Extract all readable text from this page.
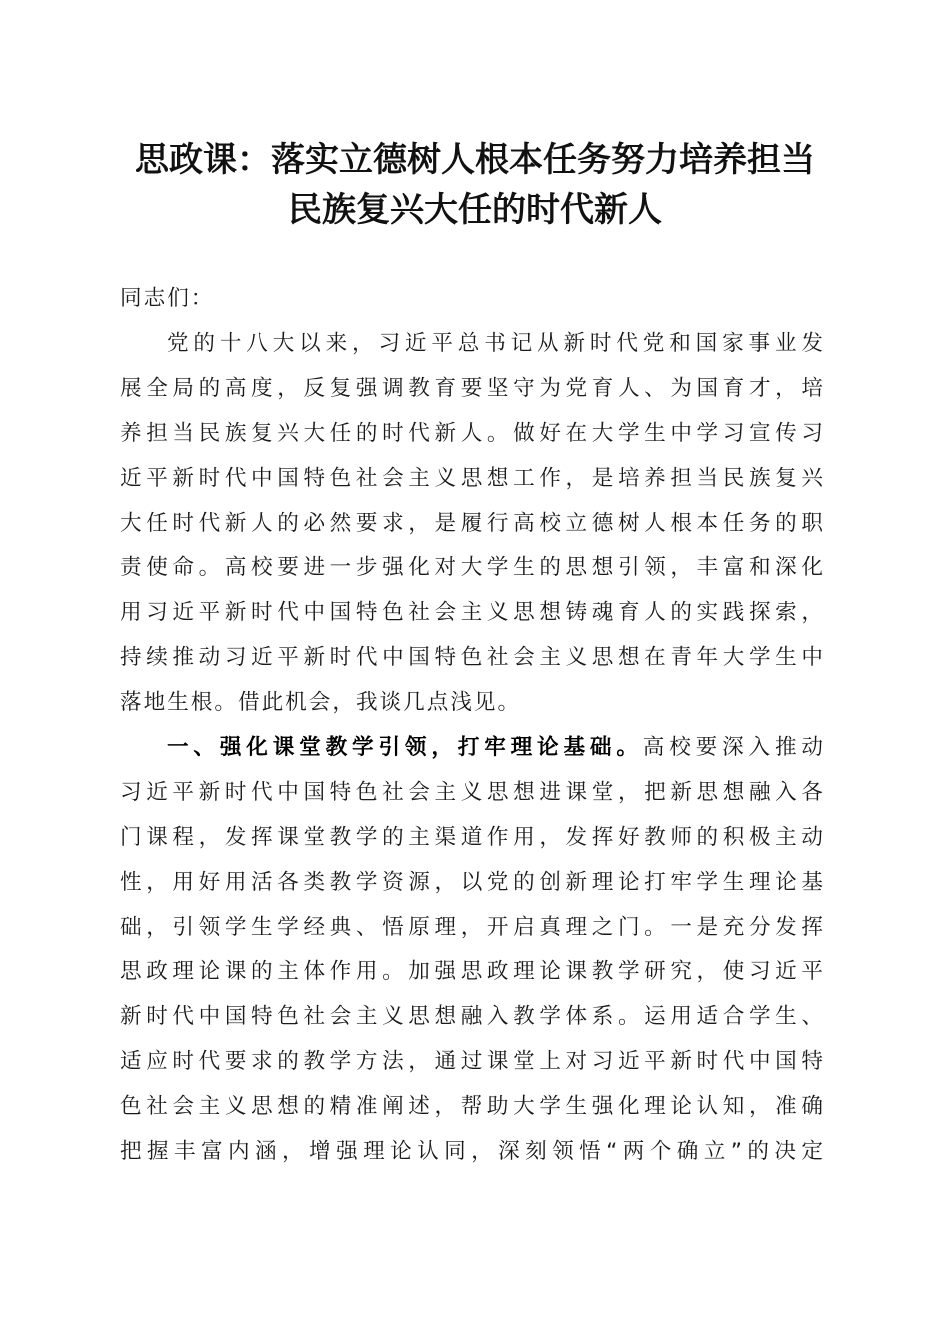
思政课：落实立德树人根本任务努力培养担当
民族复兴大任的时代新人
同志们：
党的十八大以来，习近平总书记从新时代党和国家事业发
展全局的高度，反复强调教育要坚守为党育人、为国育才，培
养担当民族复兴大任的时代新人。做好在大学生中学习宣传习
近平新时代中国特色社会主义思想工作，是培养担当民族复兴
大任时代新人的必然要求，是履行高校立德树人根本任务的职
责使命。高校要进一步强化对大学生的思想引领，丰富和深化
用习近平新时代中国特色社会主义思想铸魂育人的实践探索，
持续推动习近平新时代中国特色社会主义思想在青年大学生中
落地生根。借此机会，我谈几点浅见。
一、强化课堂教学引领，打牢理论基础。高校要深入推动
习近平新时代中国特色社会主义思想进课堂，把新思想融入各
门课程，发挥课堂教学的主渠道作用，发挥好教师的积极主动
性，用好用活各类教学资源，以党的创新理论打牢学生理论基
础，引领学生学经典、悟原理，开启真理之门。一是充分发挥
思政理论课的主体作用。加强思政理论课教学研究，使习近平
新时代中国特色社会主义思想融入教学体系。运用适合学生、
适应时代要求的教学方法，通过课堂上对习近平新时代中国特
色社会主义思想的精准阐述，帮助大学生强化理论认知，准确
把握丰富内涵，增强理论认同，深刻领悟“两个确立”的决定
